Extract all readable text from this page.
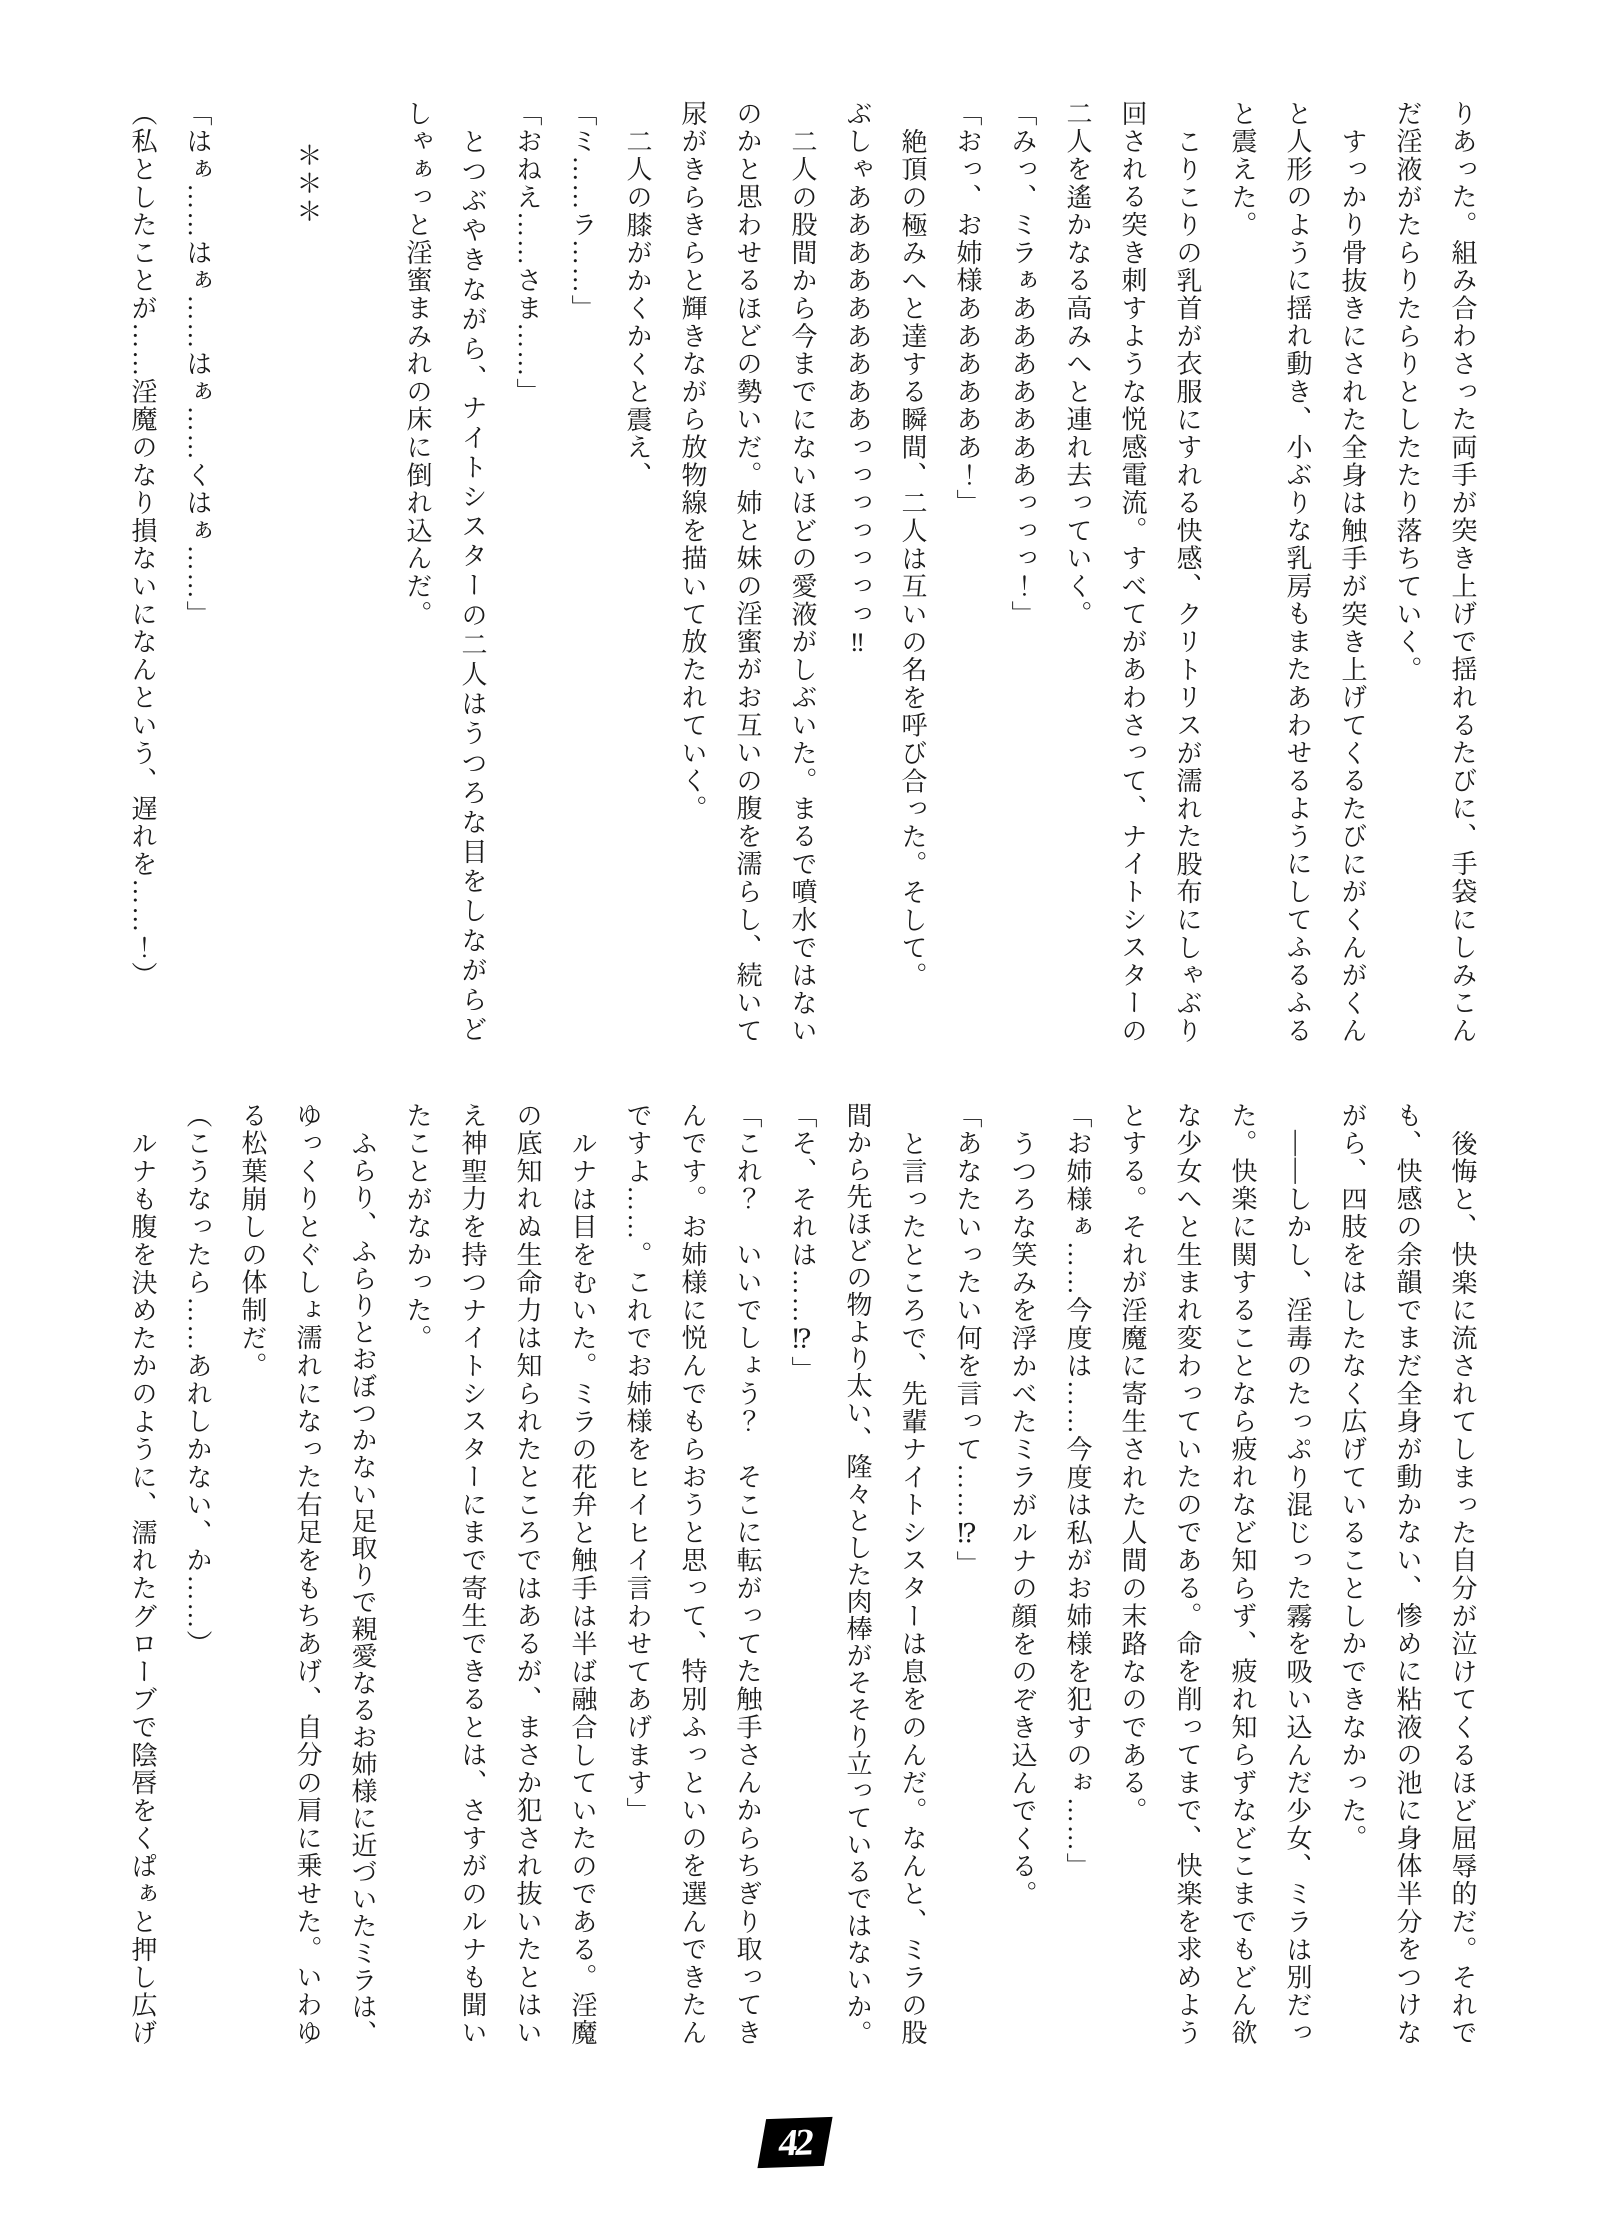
りあった。組み合わさった両手が突き上げで揺れるたびに、手袋にしみこん
だ淫液がたらりたらりとしたたり落ちていく。
すっかり骨抜きにされた全身は触手が突き上げてくるたびにがくんがくん
と人形のように揺れ動き、小ぶりな乳房もまたあわせるようにしてふるふる
と震えた。
こりこりの乳首が衣服にすれる快感、クリトリスが濡れた股布にしゃぶり
回される突き刺すような悦感電流。すべてがあわさって、ナイトシスターの
二人を遙かなる高みへと連れ去っていく。
「みっ、ミラぁあああああああっっっ！」
「おっ、お姉様ああああああ！」
絶頂の極みへと達する瞬間、二人は互いの名を呼び合った。そして。
ぶしゃあああああああああっっっっっっっ‼
二人の股間から今までにないほどの愛液がしぶいた。まるで噴水ではない
のかと思わせるほどの勢いだ。姉と妹の淫蜜がお互いの腹を濡らし、続いて
尿がきらきらと輝きながら放物線を描いて放たれていく。
二人の膝がかくかくと震え、
「ミ……ラ……」
「おねえ……さま……」
とつぶやきながら、ナイトシスターの二人はうつろな目をしながらど
しゃぁっと淫蜜まみれの床に倒れ込んだ。
＊＊＊
「はぁ……はぁ……はぁ……くはぁ……」
（私としたことが……淫魔のなり損ないになんという、遅れを……！）
後悔と、快楽に流されてしまった自分が泣けてくるほど屈辱的だ。それで
も、快感の余韻でまだ全身が動かない、惨めに粘液の池に身体半分をつけな
がら、四肢をはしたなく広げていることしかできなかった。
――しかし、淫毒のたっぷり混じった霧を吸い込んだ少女、ミラは別だっ
た。快楽に関することなら疲れなど知らず、疲れ知らずなどこまでもどん欲
な少女へと生まれ変わっていたのである。命を削ってまで、快楽を求めよう
とする。それが淫魔に寄生された人間の末路なのである。
「お姉様ぁ……今度は……今度は私がお姉様を犯すのぉ……」
うつろな笑みを浮かべたミラがルナの顔をのぞき込んでくる。
「あなたいったい何を言って……⁉」
と言ったところで、先輩ナイトシスターは息をのんだ。なんと、ミラの股
間から先ほどの物より太い、隆々とした肉棒がそそり立っているではないか。
「そ、それは……⁉」
「これ？　いいでしょう？　そこに転がってた触手さんからちぎり取ってき
んです。お姉様に悦んでもらおうと思って、特別ふっといのを選んできたん
ですよ……。これでお姉様をヒイヒイ言わせてあげます」
ルナは目をむいた。ミラの花弁と触手は半ば融合していたのである。淫魔
の底知れぬ生命力は知られたところではあるが、まさか犯され抜いたとはい
え神聖力を持つナイトシスターにまで寄生できるとは、さすがのルナも聞い
たことがなかった。
ふらり、ふらりとおぼつかない足取りで親愛なるお姉様に近づいたミラは、
ゆっくりとぐしょ濡れになった右足をもちあげ、自分の肩に乗せた。いわゆ
る松葉崩しの体制だ。
（こうなったら……あれしかない、か……）
ルナも腹を決めたかのように、濡れたグローブで陰唇をくぱぁと押し広げ
42
